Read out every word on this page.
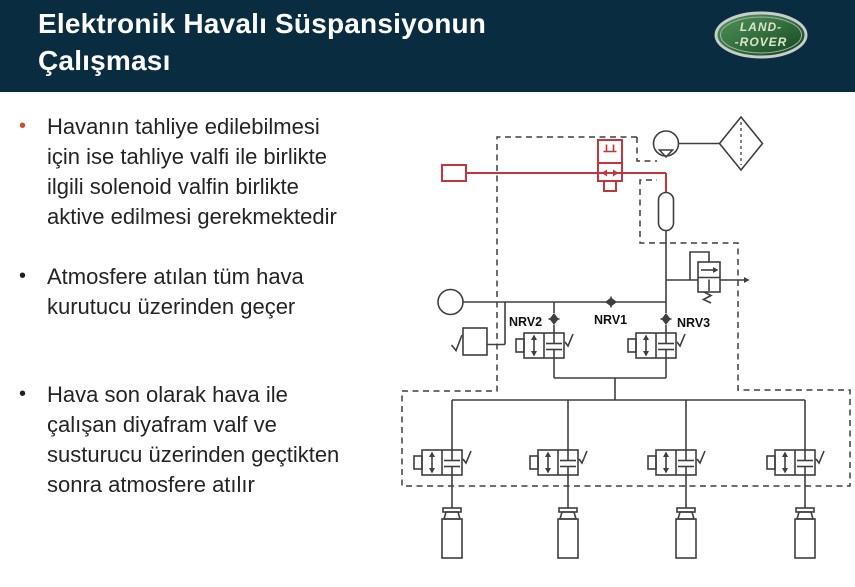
Elektronik Havalı Süspansiyonun
Çalışması
LAND-
-ROVER
• Havanın tahliye edilebilmesi
için ise tahliye valfi ile birlikte
ilgili solenoid valfin birlikte
aktive edilmesi gerekmektedir
• Atmosfere atılan tüm hava
kurutucu üzerinden geçer
• Hava son olarak hava ile
çalışan diyafram valf ve
susturucu üzerinden geçtikten
sonra atmosfere atılır
NRV2	NRV1	NRV3
